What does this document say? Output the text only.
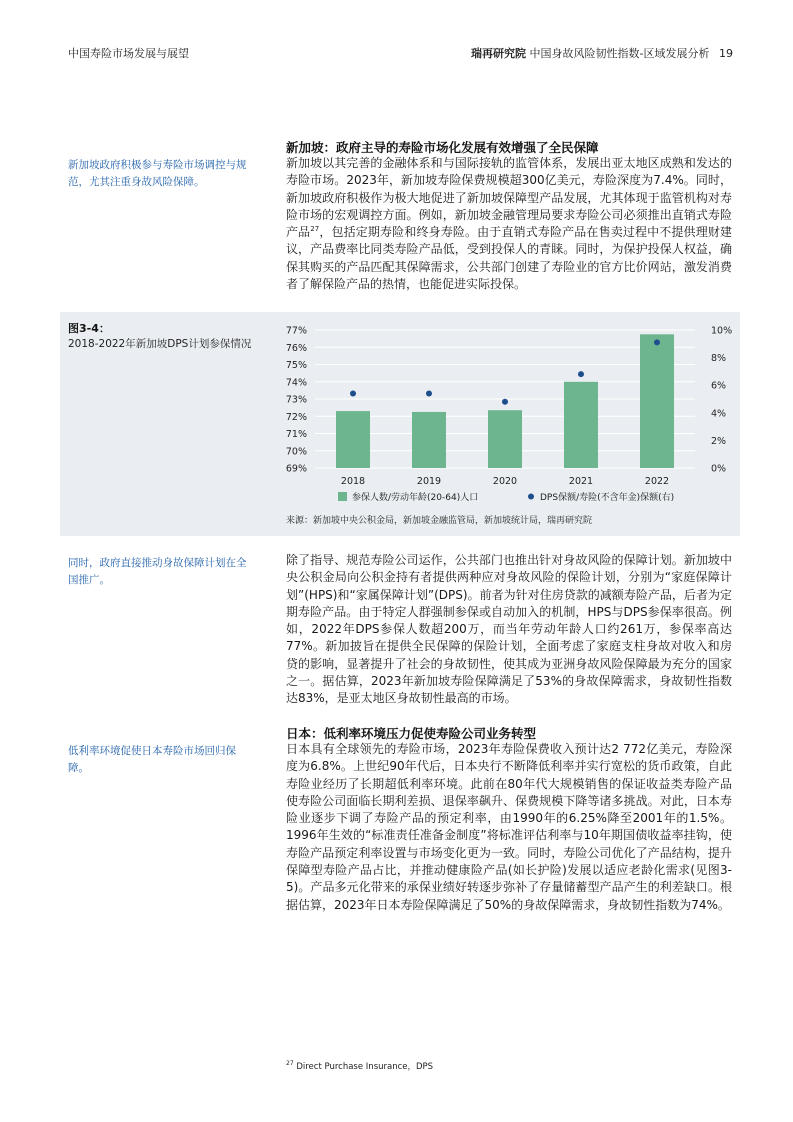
中国寿险市场发展与展望	瑞再研究院 中国身故风险韧性指数-区域发展分析 19
新加坡政府积极参与寿险市场调控与规范，尤其注重身故风险保障。
新加坡：政府主导的寿险市场化发展有效增强了全民保障
新加坡以其完善的金融体系和与国际接轨的监管体系，发展出亚太地区成熟和发达的寿险市场。2023年，新加坡寿险保费规模超300亿美元，寿险深度为7.4%。同时，新加坡政府积极作为极大地促进了新加坡保障型产品发展，尤其体现于监管机构对寿险市场的宏观调控方面。例如，新加坡金融管理局要求寿险公司必须推出直销式寿险产品$^{27}$，包括定期寿险和终身寿险。由于直销式寿险产品在售卖过程中不提供理财建议，产品费率比同类寿险产品低，受到投保人的青睐。同时，为保护投保人权益，确保其购买的产品匹配其保障需求，公共部门创建了寿险业的官方比价网站，激发消费者了解保险产品的热情，也能促进实际投保。
图3-4：
2018-2022年新加坡DPS计划参保情况
77%
76%
75%
74%
73%
72%
71%
70%
69%
10%
8%
6%
4%
2%
0%
2018	2019	2020	2021	2022
参保人数/劳动年龄(20-64)人口	DPS保额/寿险(不含年金)保额(右)
来源：新加坡中央公积金局，新加坡金融监管局，新加坡统计局，瑞再研究院
同时，政府直接推动身故保障计划在全国推广。
除了指导、规范寿险公司运作，公共部门也推出针对身故风险的保障计划。新加坡中央公积金局向公积金持有者提供两种应对身故风险的保险计划，分别为“家庭保障计划”(HPS)和“家属保障计划”(DPS)。前者为针对住房贷款的减额寿险产品，后者为定期寿险产品。由于特定人群强制参保或自动加入的机制，HPS与DPS参保率很高。例如，2022年DPS参保人数超200万，而当年劳动年龄人口约261万，参保率高达77%。新加披旨在提供全民保障的保险计划，全面考虑了家庭支柱身故对收入和房贷的影响，显著提升了社会的身故韧性，使其成为亚洲身故风险保障最为充分的国家之一。据估算，2023年新加坡寿险保障满足了53%的身故保障需求，身故韧性指数达83%，是亚太地区身故韧性最高的市场。
低利率环境促使日本寿险市场回归保障。
日本：低利率环境压力促使寿险公司业务转型
日本具有全球领先的寿险市场，2023年寿险保费收入预计达2 772亿美元，寿险深度为6.8%。上世纪90年代后，日本央行不断降低利率并实行宽松的货币政策，自此寿险业经历了长期超低利率环境。此前在80年代大规模销售的保证收益类寿险产品使寿险公司面临长期利差损、退保率飙升、保费规模下降等诸多挑战。对此，日本寿险业逐步下调了寿险产品的预定利率，由1990年的6.25%降至2001年的1.5%。1996年生效的“标准责任准备金制度”将标准评估利率与10年期国债收益率挂钩，使寿险产品预定利率设置与市场变化更为一致。同时，寿险公司优化了产品结构，提升保障型寿险产品占比，并推动健康险产品(如长护险)发展以适应老龄化需求(见图3-5)。产品多元化带来的承保业绩好转逐步弥补了存量储蓄型产品产生的利差缺口。根据估算，2023年日本寿险保障满足了50%的身故保障需求，身故韧性指数为74%。
$^{27}$ Direct Purchase Insurance，DPS
